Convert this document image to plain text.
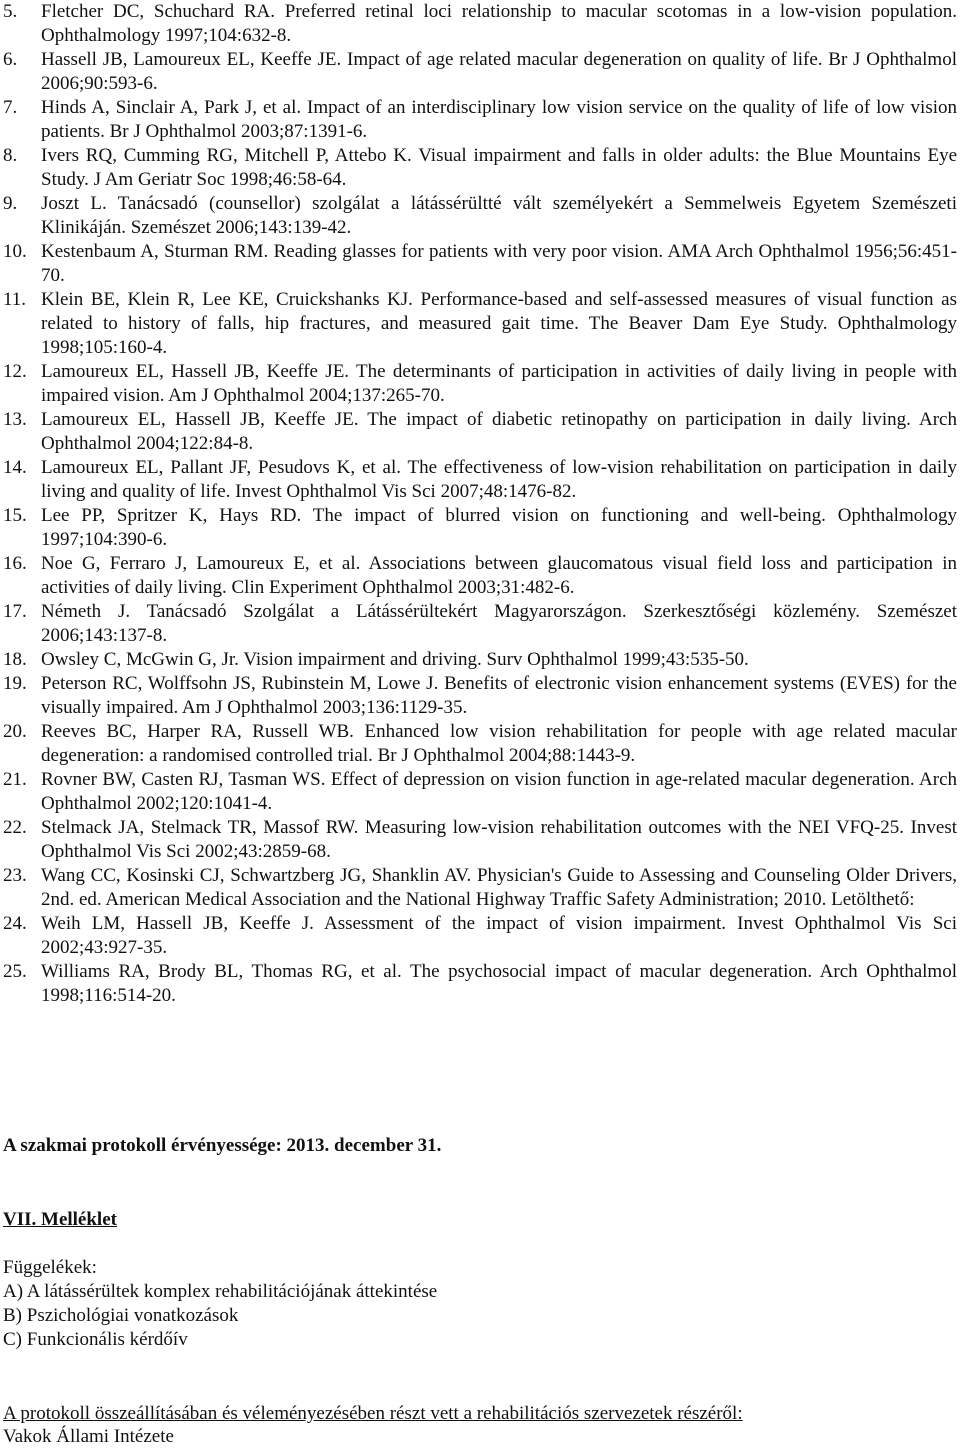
5. Fletcher DC, Schuchard RA. Preferred retinal loci relationship to macular scotomas in a low-vision population. Ophthalmology 1997;104:632-8.

6. Hassell JB, Lamoureux EL, Keeffe JE. Impact of age related macular degeneration on quality of life. Br J Ophthalmol 2006;90:593-6.

7. Hinds A, Sinclair A, Park J, et al. Impact of an interdisciplinary low vision service on the quality of life of low vision patients. Br J Ophthalmol 2003;87:1391-6.

8. Ivers RQ, Cumming RG, Mitchell P, Attebo K. Visual impairment and falls in older adults: the Blue Mountains Eye Study. J Am Geriatr Soc 1998;46:58-64.

9. Joszt L. Tanácsadó (counsellor) szolgálat a látássérültté vált személyekért a Semmelweis Egyetem Szemészeti Klinikáján. Szemészet 2006;143:139-42.

10. Kestenbaum A, Sturman RM. Reading glasses for patients with very poor vision. AMA Arch Ophthalmol 1956;56:451-70.

11. Klein BE, Klein R, Lee KE, Cruickshanks KJ. Performance-based and self-assessed measures of visual function as related to history of falls, hip fractures, and measured gait time. The Beaver Dam Eye Study. Ophthalmology 1998;105:160-4.

12. Lamoureux EL, Hassell JB, Keeffe JE. The determinants of participation in activities of daily living in people with impaired vision. Am J Ophthalmol 2004;137:265-70.

13. Lamoureux EL, Hassell JB, Keeffe JE. The impact of diabetic retinopathy on participation in daily living. Arch Ophthalmol 2004;122:84-8.

14. Lamoureux EL, Pallant JF, Pesudovs K, et al. The effectiveness of low-vision rehabilitation on participation in daily living and quality of life. Invest Ophthalmol Vis Sci 2007;48:1476-82.

15. Lee PP, Spritzer K, Hays RD. The impact of blurred vision on functioning and well-being. Ophthalmology 1997;104:390-6.

16. Noe G, Ferraro J, Lamoureux E, et al. Associations between glaucomatous visual field loss and participation in activities of daily living. Clin Experiment Ophthalmol 2003;31:482-6.

17. Németh J. Tanácsadó Szolgálat a Látássérültekért Magyarországon. Szerkesztőségi közlemény. Szemészet 2006;143:137-8.

18. Owsley C, McGwin G, Jr. Vision impairment and driving. Surv Ophthalmol 1999;43:535-50.

19. Peterson RC, Wolffsohn JS, Rubinstein M, Lowe J. Benefits of electronic vision enhancement systems (EVES) for the visually impaired. Am J Ophthalmol 2003;136:1129-35.

20. Reeves BC, Harper RA, Russell WB. Enhanced low vision rehabilitation for people with age related macular degeneration: a randomised controlled trial. Br J Ophthalmol 2004;88:1443-9.

21. Rovner BW, Casten RJ, Tasman WS. Effect of depression on vision function in age-related macular degeneration. Arch Ophthalmol 2002;120:1041-4.

22. Stelmack JA, Stelmack TR, Massof RW. Measuring low-vision rehabilitation outcomes with the NEI VFQ-25. Invest Ophthalmol Vis Sci 2002;43:2859-68.

23. Wang CC, Kosinski CJ, Schwartzberg JG, Shanklin AV. Physician's Guide to Assessing and Counseling Older Drivers, 2nd. ed. American Medical Association and the National Highway Traffic Safety Administration; 2010. Letölthető:

24. Weih LM, Hassell JB, Keeffe J. Assessment of the impact of vision impairment. Invest Ophthalmol Vis Sci 2002;43:927-35.

25. Williams RA, Brody BL, Thomas RG, et al. The psychosocial impact of macular degeneration. Arch Ophthalmol 1998;116:514-20.

A szakmai protokoll érvényessége: 2013. december 31.

VII. Melléklet

Függelékek:

A) A látássérültek komplex rehabilitációjának áttekintése
B) Pszichológiai vonatkozások
C) Funkcionális kérdőív

A protokoll összeállításában és véleményezésében részt vett a rehabilitációs szervezetek részéről:

Vakok Állami Intézete
